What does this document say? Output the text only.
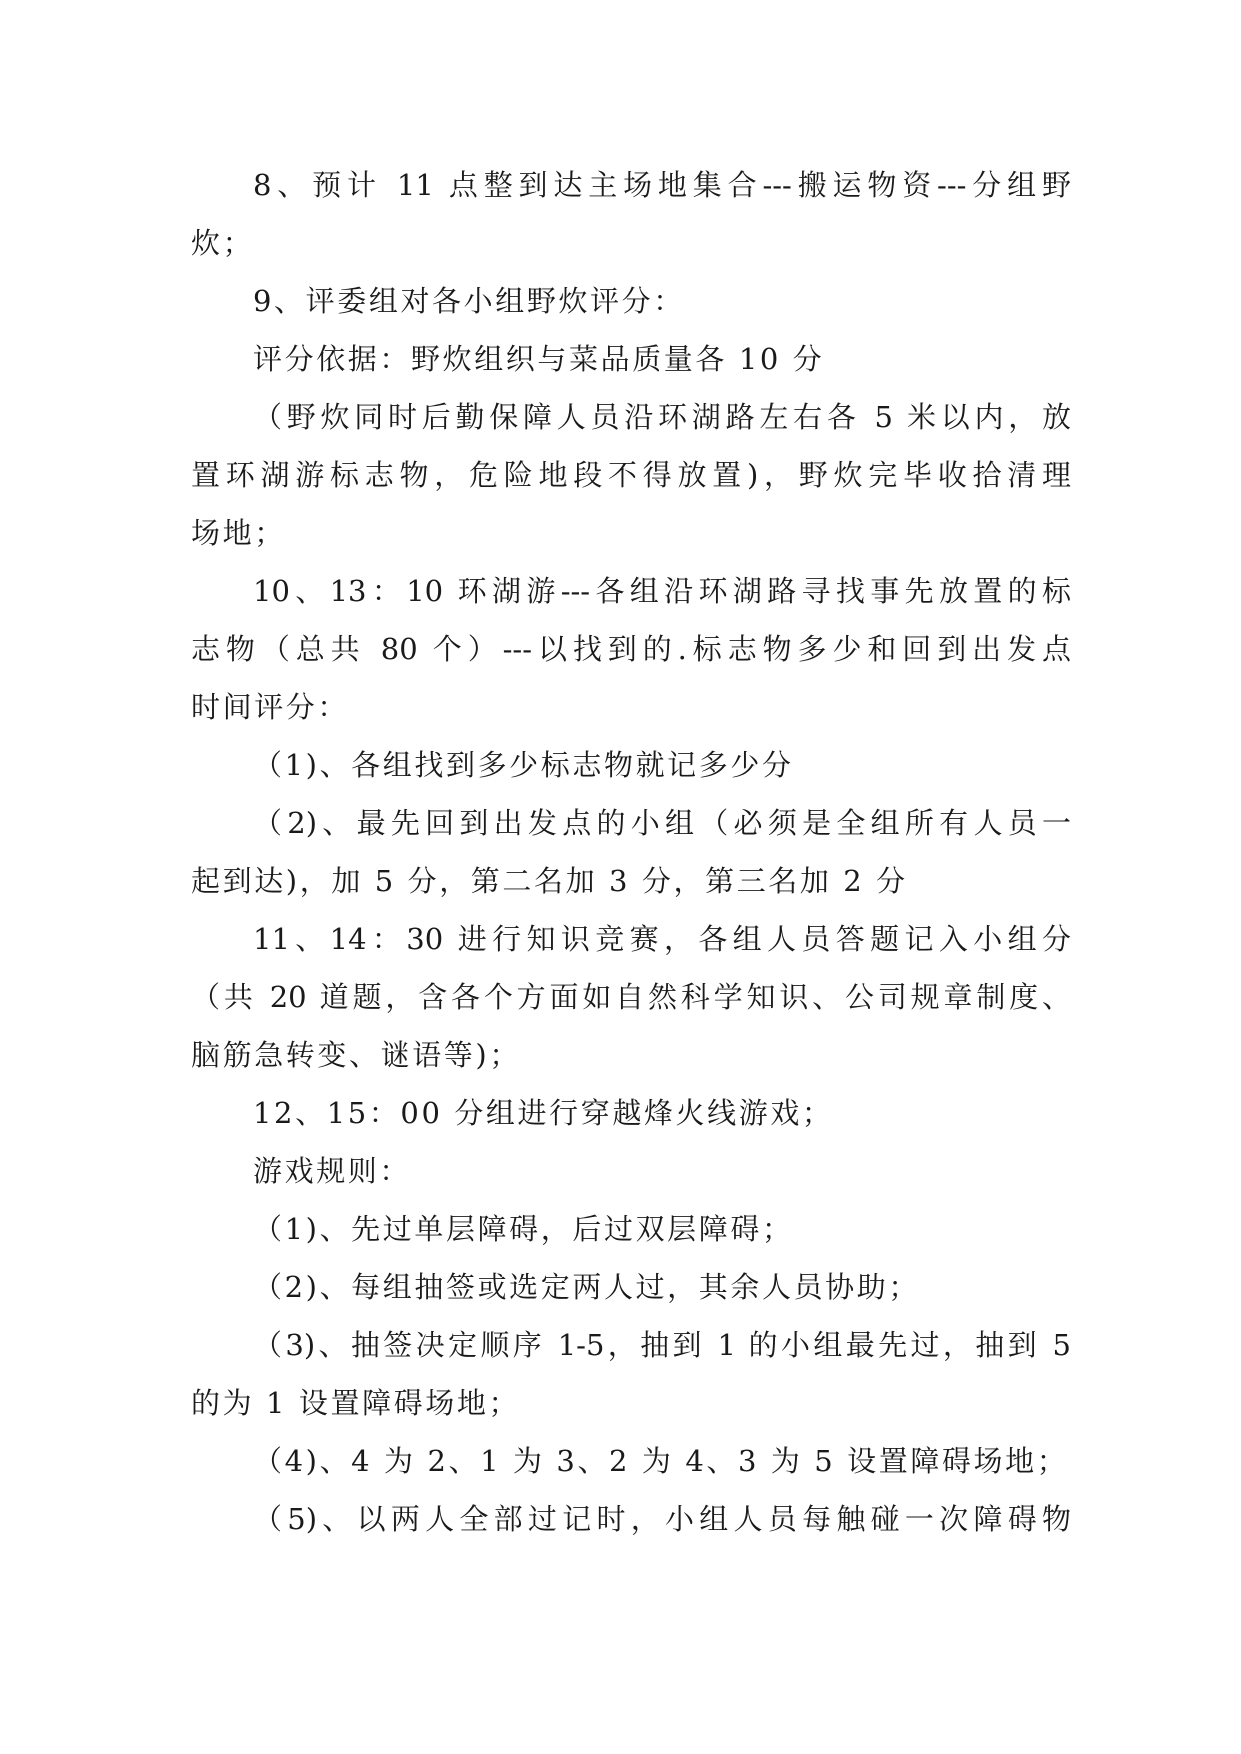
8、预计 11 点整到达主场地集合---搬运物资---分组野
炊；
9、评委组对各小组野炊评分：
评分依据：野炊组织与菜品质量各 10 分
（野炊同时后勤保障人员沿环湖路左右各 5 米以内，放
置环湖游标志物，危险地段不得放置)，野炊完毕收拾清理
场地；
10、13：10 环湖游---各组沿环湖路寻找事先放置的标
志物（总共 80 个）---以找到的.标志物多少和回到出发点
时间评分：
（1)、各组找到多少标志物就记多少分
（2)、最先回到出发点的小组（必须是全组所有人员一
起到达)，加 5 分，第二名加 3 分，第三名加 2 分
11、14：30 进行知识竞赛，各组人员答题记入小组分
（共 20 道题，含各个方面如自然科学知识、公司规章制度、
脑筋急转变、谜语等)；
12、15：00 分组进行穿越烽火线游戏；
游戏规则：
（1)、先过单层障碍，后过双层障碍；
（2)、每组抽签或选定两人过，其余人员协助；
（3)、抽签决定顺序 1-5，抽到 1 的小组最先过，抽到 5
的为 1 设置障碍场地；
（4)、4 为 2、1 为 3、2 为 4、3 为 5 设置障碍场地；
（5)、以两人全部过记时，小组人员每触碰一次障碍物
